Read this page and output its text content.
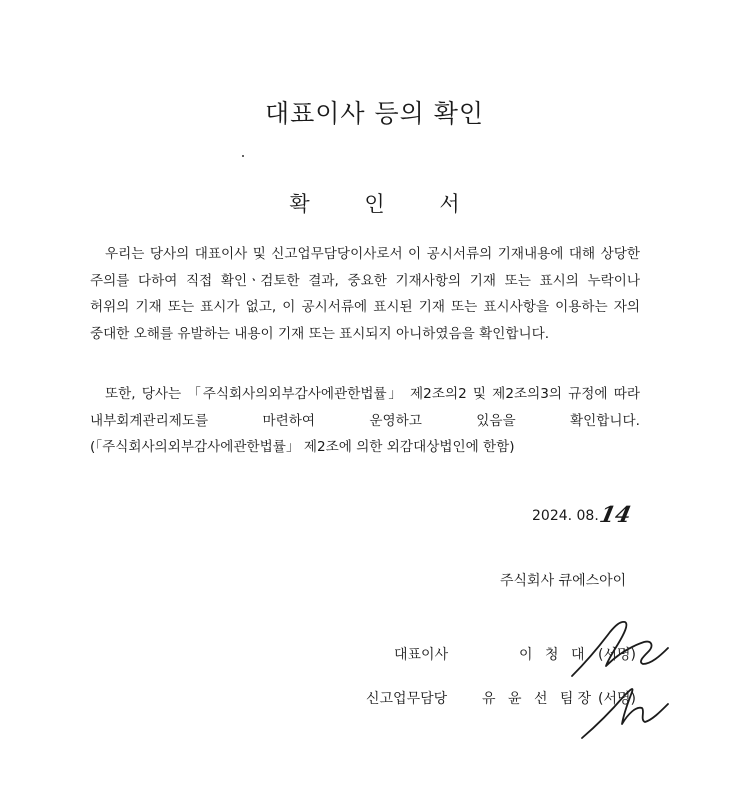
대표이사 등의 확인
확 인 서

우리는 당사의 대표이사 및 신고업무담당이사로서 이 공시서류의 기재내용에 대해 상당한 주의를 다하여 직접 확인ㆍ검토한 결과, 중요한 기재사항의 기재 또는 표시의 누락이나 허위의 기재 또는 표시가 없고, 이 공시서류에 표시된 기재 또는 표시사항을 이용하는 자의 중대한 오해를 유발하는 내용이 기재 또는 표시되지 아니하였음을 확인합니다.

또한, 당사는 「주식회사의외부감사에관한법률」 제2조의2 및 제2조의3의 규정에 따라 내부회계관리제도를 마련하여 운영하고 있음을 확인합니다.(「주식회사의외부감사에관한법률」 제2조에 의한 외감대상법인에 한함)

2024. 08.14
주식회사 큐에스아이
대표이사	이 청 대 (서명)
신고업무담당 유 윤 선 팀장 (서명)
